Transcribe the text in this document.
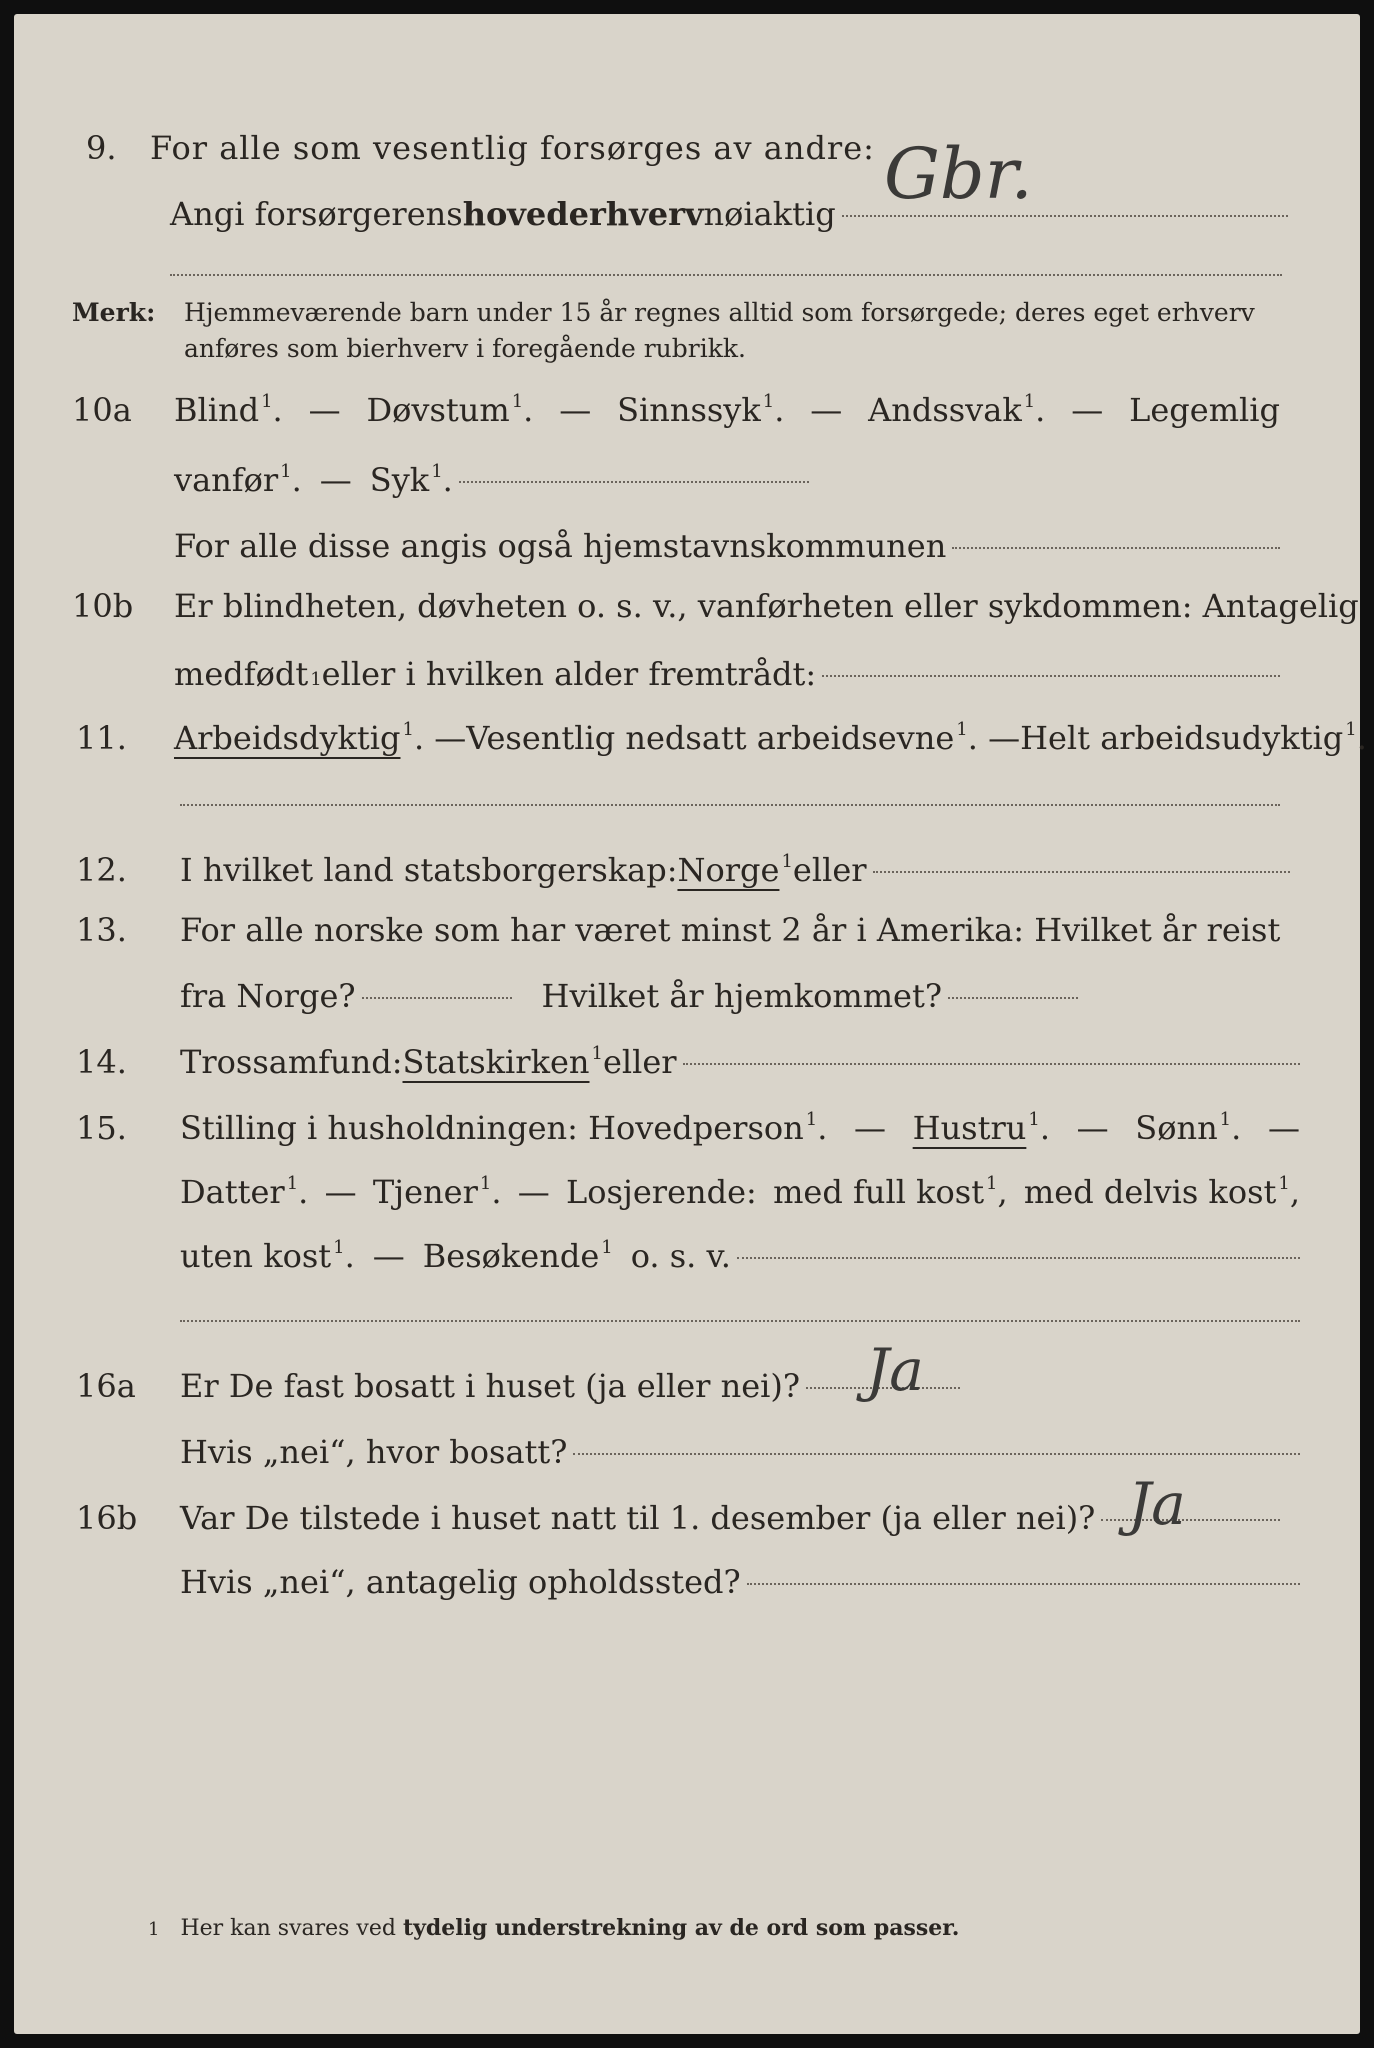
9.	For alle som vesentlig forsørges av andre:
Angi forsørgerens hovederhverv nøiaktig Gbr.
Merk: Hjemmeværende barn under 15 år regnes alltid som forsørgede; deres eget erhverv
anføres som bierhverv i foregående rubrikk.
10a	Blind $^1$. — Døvstum $^1$. — Sinnssyk $^1$. — Andssvak $^1$. — Legemlig
vanfør $^1$. — Syk $^1$.
For alle disse angis også hjemstavnskommunen
10b	Er blindheten, døvheten o. s. v., vanførheten eller sykdommen: Antagelig
medfødt 1 eller i hvilken alder fremtrådt:
11.	Arbeidsdyktig $^1$. — Vesentlig nedsatt arbeidsevne $^1$. — Helt arbeidsudyktig $^1$.
12.	I hvilket land statsborgerskap: Norge $^1$ eller
13.	For alle norske som har været minst 2 år i Amerika: Hvilket år reist
fra Norge?	Hvilket år hjemkommet?
14.	Trossamfund: Statskirken $^1$ eller
15.	Stilling i husholdningen: Hovedperson $^1$. — Hustru $^1$. — Sønn $^1$. —
Datter $^1$. — Tjener $^1$. — Losjerende: med full kost $^1$, med delvis kost $^1$,
uten kost $^1$. — Besøkende $^1$ o. s. v.
16a	Er De fast bosatt i huset (ja eller nei)? Ja
Hvis „nei“, hvor bosatt?
16b	Var De tilstede i huset natt til 1. desember (ja eller nei)? Ja
Hvis „nei“, antagelig opholdssted?
1 Her kan svares ved tydelig understrekning av de ord som passer.
